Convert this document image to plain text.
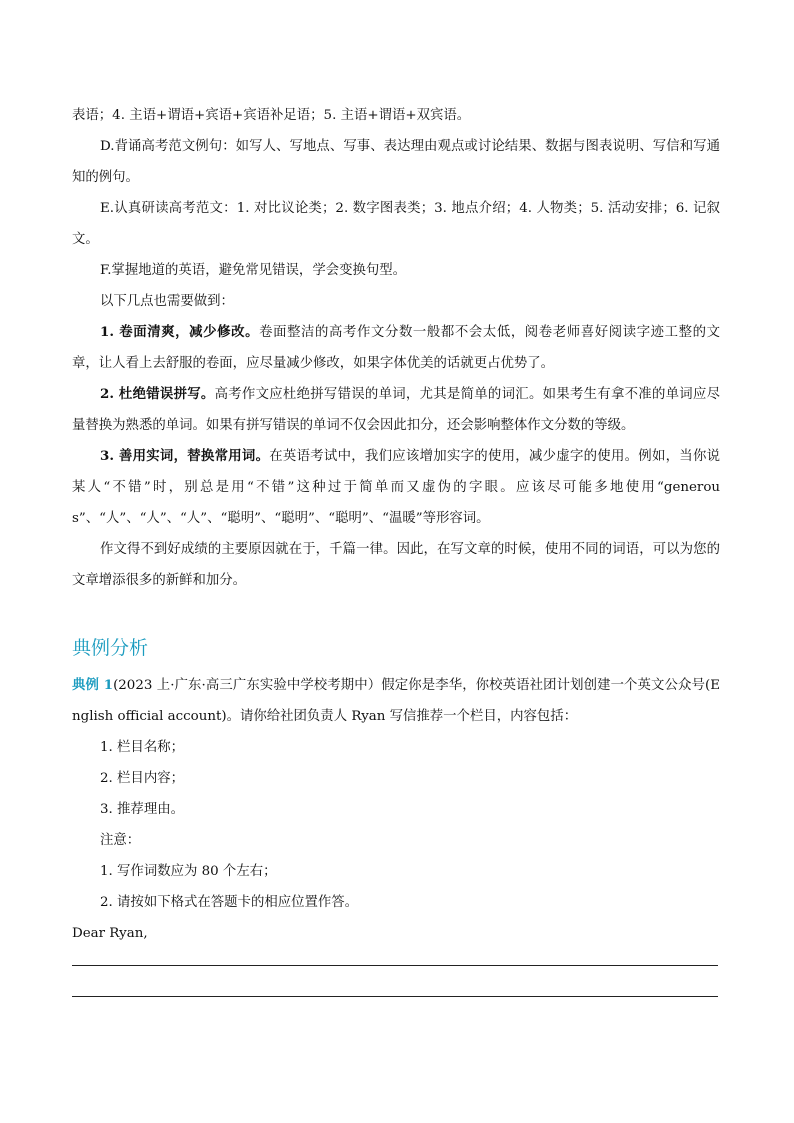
表语；4. 主语+谓语+宾语+宾语补足语；5. 主语+谓语+双宾语。

D.背诵高考范文例句：如写人、写地点、写事、表达理由观点或讨论结果、数据与图表说明、写信和写通知的例句。

E.认真研读高考范文：1. 对比议论类；2. 数字图表类；3. 地点介绍；4. 人物类；5. 活动安排；6. 记叙文。

F.掌握地道的英语，避免常见错误，学会变换句型。

以下几点也需要做到：

1. 卷面清爽，减少修改。卷面整洁的高考作文分数一般都不会太低，阅卷老师喜好阅读字迹工整的文章，让人看上去舒服的卷面，应尽量减少修改，如果字体优美的话就更占优势了。

2. 杜绝错误拼写。高考作文应杜绝拼写错误的单词，尤其是简单的词汇。如果考生有拿不准的单词应尽量替换为熟悉的单词。如果有拼写错误的单词不仅会因此扣分，还会影响整体作文分数的等级。

3. 善用实词，替换常用词。在英语考试中，我们应该增加实字的使用，减少虚字的使用。例如，当你说某人“不错”时，别总是用“不错”这种过于简单而又虚伪的字眼。应该尽可能多地使用“generous”、“人”、“人”、“人”、“聪明”、“聪明”、“聪明”、“温暖”等形容词。

作文得不到好成绩的主要原因就在于，千篇一律。因此，在写文章的时候，使用不同的词语，可以为您的文章增添很多的新鲜和加分。

典例分析

典例 1(2023 上·广东·高三广东实验中学校考期中）假定你是李华，你校英语社团计划创建一个英文公众号(English official account)。请你给社团负责人 Ryan 写信推荐一个栏目，内容包括：

1. 栏目名称；

2. 栏目内容；

3. 推荐理由。

注意：

1. 写作词数应为 80 个左右；

2. 请按如下格式在答题卡的相应位置作答。

Dear Ryan,
